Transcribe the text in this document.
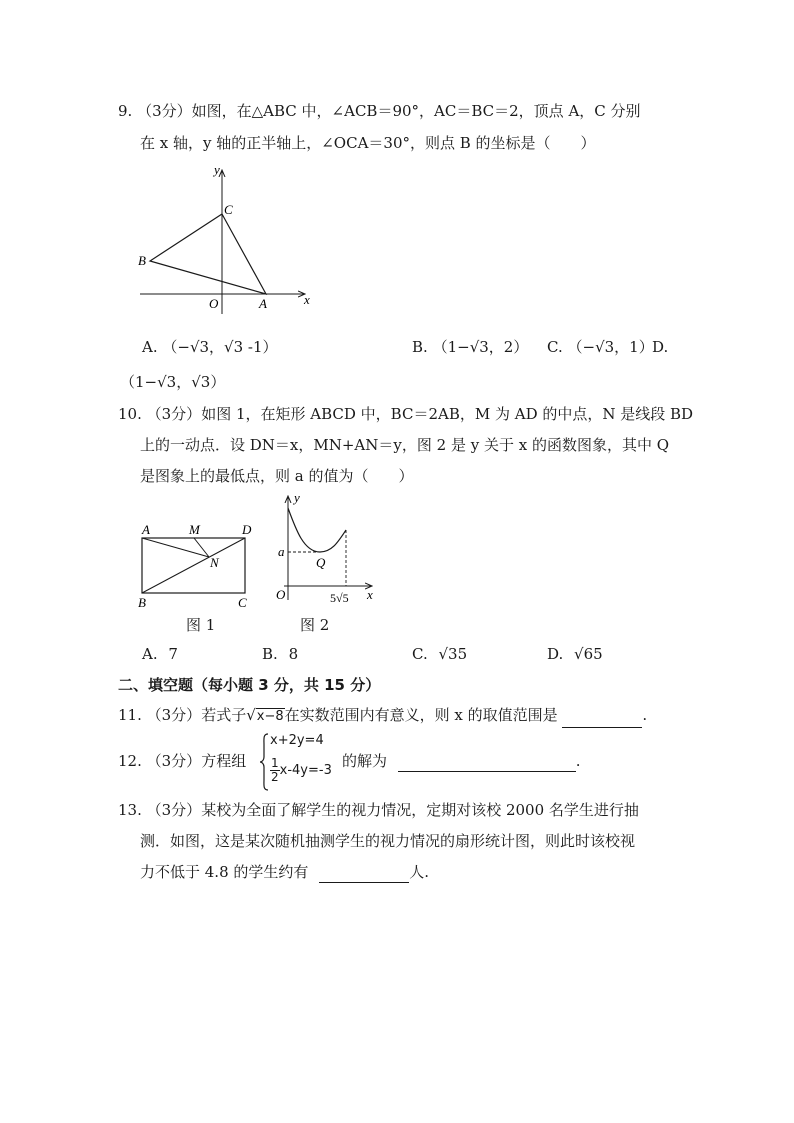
9. （3分）如图，在△ABC 中，∠ACB＝90°，AC＝BC＝2，顶点 A，C 分别
在 x 轴，y 轴的正半轴上，∠OCA＝30°，则点 B 的坐标是（　　）
y
x
C
B
O	A
A. （−√3，√3 -1）	B. （1−√3，2） C. （−√3，1）
D.
（1−√3，√3）
10. （3分）如图 1，在矩形 ABCD 中，BC＝2AB，M 为 AD 的中点，N 是线段 BD
上的一动点．设 DN＝x，MN+AN＝y，图 2 是 y 关于 x 的函数图象，其中 Q
是图象上的最低点，则 a 的值为（　　）
A	M	D
N
B	C
y
a
Q
O	x
5√5
图 1	图 2
A. 7	B. 8	C. √35	D. √65
二、填空题（每小题 3 分，共 15 分）
11. （3分）若式子√x−8在实数范围内有意义，则 x 的取值范围是	.
12. （3分）方程组
x+2y=4
$\frac{1}{2} x-4y=-3$
的解为	.
13. （3分）某校为全面了解学生的视力情况，定期对该校 2000 名学生进行抽
测．如图，这是某次随机抽测学生的视力情况的扇形统计图，则此时该校视
力不低于 4.8 的学生约有	人.
